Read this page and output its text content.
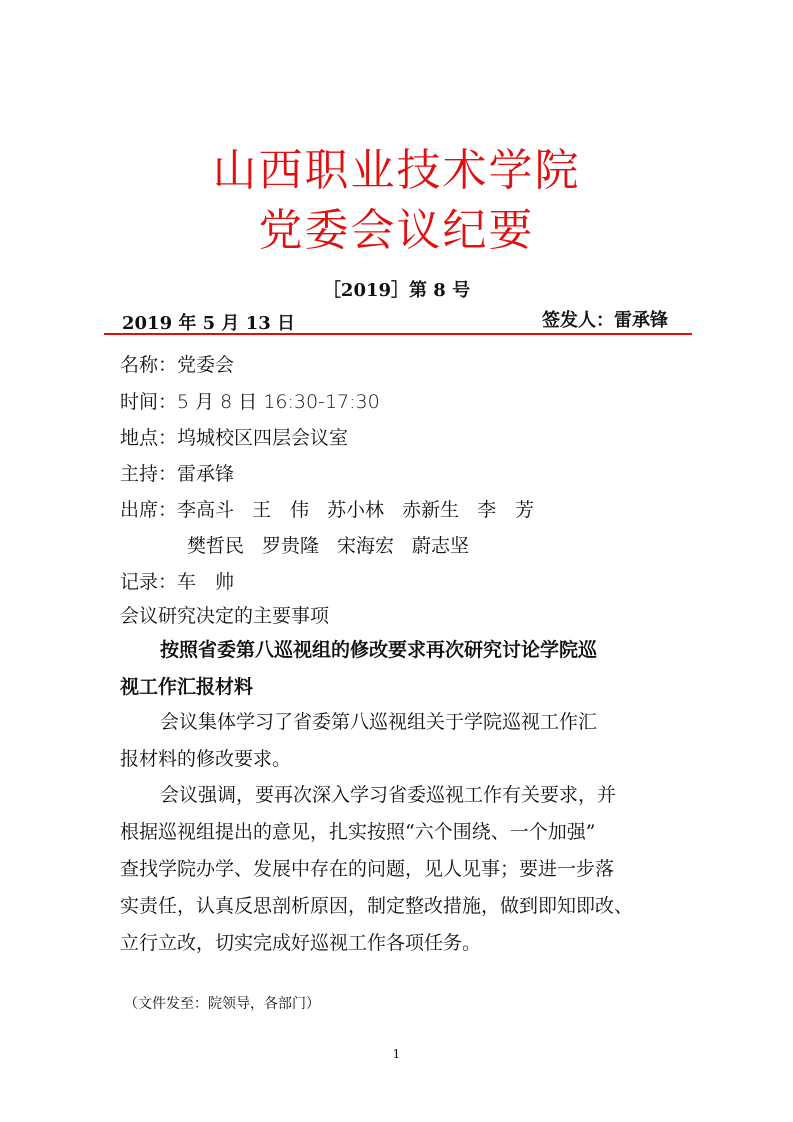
山西职业技术学院
党委会议纪要
［2019］第 8 号
2019 年 5 月 13 日	签发人：雷承锋
名称：党委会
时间：5 月 8 日 16:30-17:30
地点：坞城校区四层会议室
主持：雷承锋
出席：李高斗 王　伟 苏小林 赤新生 李　芳
樊哲民 罗贵隆 宋海宏 蔚志坚
记录：车　帅
会议研究决定的主要事项
按照省委第八巡视组的修改要求再次研究讨论学院巡
视工作汇报材料
会议集体学习了省委第八巡视组关于学院巡视工作汇
报材料的修改要求。
会议强调，要再次深入学习省委巡视工作有关要求，并
根据巡视组提出的意见，扎实按照“六个围绕、一个加强”
查找学院办学、发展中存在的问题，见人见事；要进一步落
实责任，认真反思剖析原因，制定整改措施，做到即知即改、
立行立改，切实完成好巡视工作各项任务。
（文件发至：院领导，各部门）
1
